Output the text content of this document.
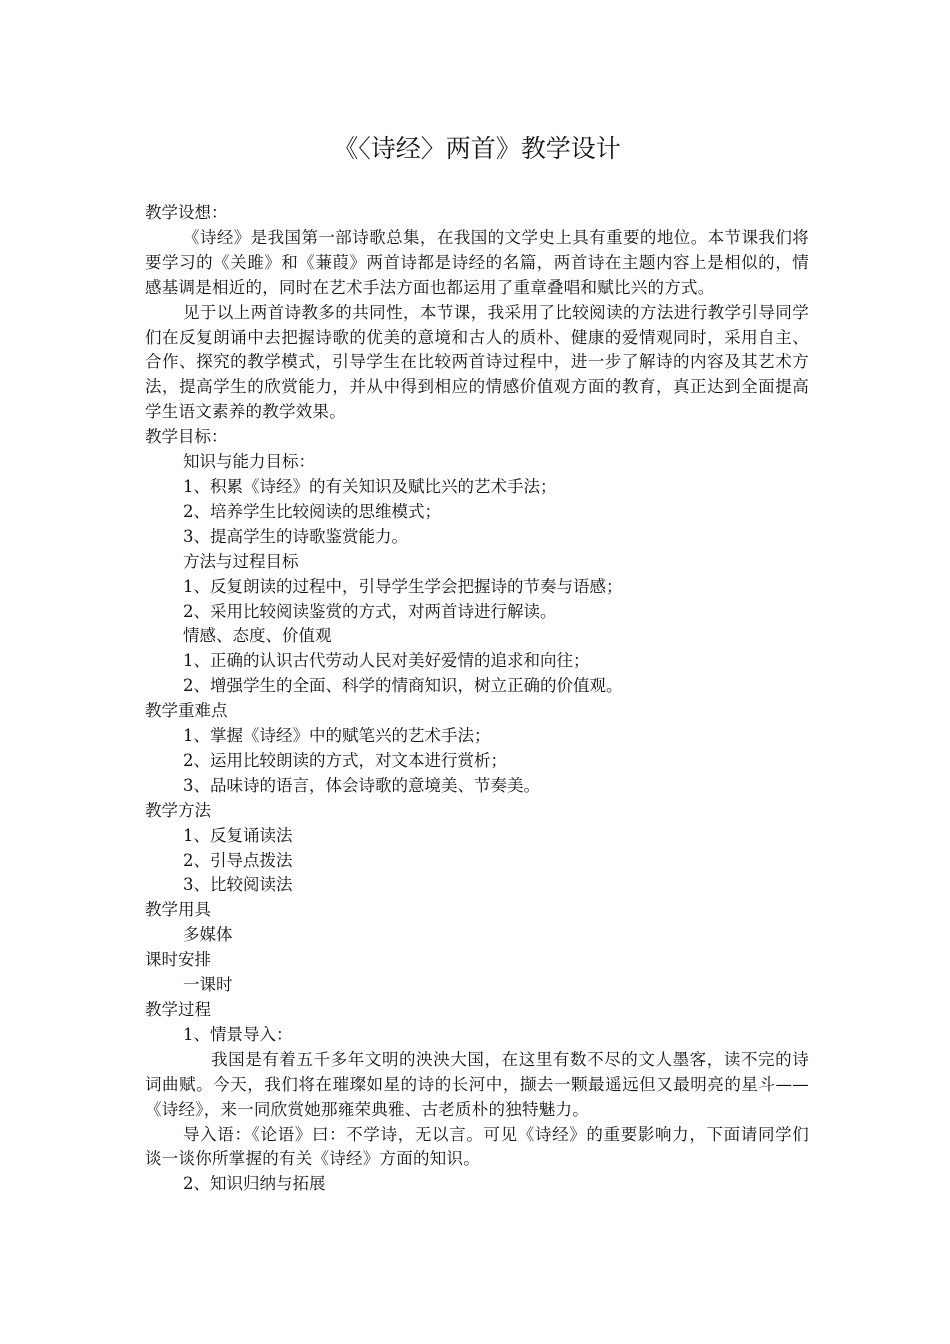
《〈诗经〉两首》教学设计

教学设想：

《诗经》是我国第一部诗歌总集，在我国的文学史上具有重要的地位。本节课我们将要学习的《关雎》和《蒹葭》两首诗都是诗经的名篇，两首诗在主题内容上是相似的，情感基调是相近的，同时在艺术手法方面也都运用了重章叠唱和赋比兴的方式。

见于以上两首诗教多的共同性，本节课，我采用了比较阅读的方法进行教学引导同学们在反复朗诵中去把握诗歌的优美的意境和古人的质朴、健康的爱情观同时，采用自主、合作、探究的教学模式，引导学生在比较两首诗过程中，进一步了解诗的内容及其艺术方法，提高学生的欣赏能力，并从中得到相应的情感价值观方面的教育，真正达到全面提高学生语文素养的教学效果。

教学目标：

知识与能力目标：

1、积累《诗经》的有关知识及赋比兴的艺术手法；

2、培养学生比较阅读的思维模式；

3、提高学生的诗歌鉴赏能力。

方法与过程目标

1、反复朗读的过程中，引导学生学会把握诗的节奏与语感；

2、采用比较阅读鉴赏的方式，对两首诗进行解读。

情感、态度、价值观

1、正确的认识古代劳动人民对美好爱情的追求和向往；

2、增强学生的全面、科学的情商知识，树立正确的价值观。

教学重难点

1、掌握《诗经》中的赋笔兴的艺术手法；

2、运用比较朗读的方式，对文本进行赏析；

3、品味诗的语言，体会诗歌的意境美、节奏美。

教学方法

1、反复诵读法

2、引导点拨法

3、比较阅读法

教学用具

多媒体

课时安排

一课时

教学过程

1、情景导入：

我国是有着五千多年文明的泱泱大国，在这里有数不尽的文人墨客，读不完的诗词曲赋。今天，我们将在璀璨如星的诗的长河中，撷去一颗最遥远但又最明亮的星斗——《诗经》，来一同欣赏她那雍荣典雅、古老质朴的独特魅力。

导入语：《论语》曰：不学诗，无以言。可见《诗经》的重要影响力，下面请同学们谈一谈你所掌握的有关《诗经》方面的知识。

2、知识归纳与拓展
